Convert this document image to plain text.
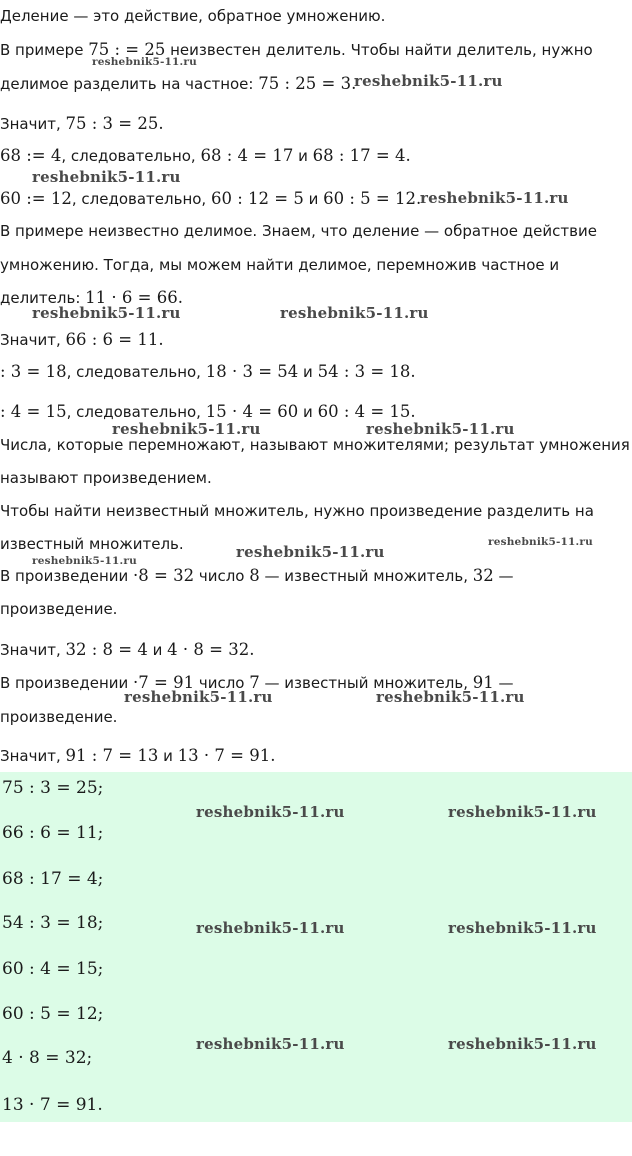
Деление — это действие, обратное умножению.
В примере 75 : = 25 неизвестен делитель. Чтобы найти делитель, нужно
делимое разделить на частное: 75 : 25 = 3.
Значит, 75 : 3 = 25.
68 := 4, следовательно, 68 : 4 = 17 и 68 : 17 = 4.
60 := 12, следовательно, 60 : 12 = 5 и 60 : 5 = 12.
В примере неизвестно делимое. Знаем, что деление — обратное действие
умножению. Тогда, мы можем найти делимое, перемножив частное и
делитель: 11 · 6 = 66.
Значит, 66 : 6 = 11.
: 3 = 18, следовательно, 18 · 3 = 54 и 54 : 3 = 18.
: 4 = 15, следовательно, 15 · 4 = 60 и 60 : 4 = 15.
Числа, которые перемножают, называют множителями; результат умножения
называют произведением.
Чтобы найти неизвестный множитель, нужно произведение разделить на
известный множитель.
В произведении ·8 = 32 число 8 — известный множитель, 32 —
произведение.
Значит, 32 : 8 = 4 и 4 · 8 = 32.
В произведении ·7 = 91 число 7 — известный множитель, 91 —
произведение.
Значит, 91 : 7 = 13 и 13 · 7 = 91.
75 : 3 = 25;
66 : 6 = 11;
68 : 17 = 4;
54 : 3 = 18;
60 : 4 = 15;
60 : 5 = 12;
4 · 8 = 32;
13 · 7 = 91.
reshebnik5-11.ru
reshebnik5-11.ru
reshebnik5-11.ru
reshebnik5-11.ru
reshebnik5-11.ru	reshebnik5-11.ru
reshebnik5-11.ru	reshebnik5-11.ru
reshebnik5-11.ru
reshebnik5-11.ru
reshebnik5-11.ru
reshebnik5-11.ru	reshebnik5-11.ru
reshebnik5-11.ru	reshebnik5-11.ru
reshebnik5-11.ru	reshebnik5-11.ru
reshebnik5-11.ru	reshebnik5-11.ru
